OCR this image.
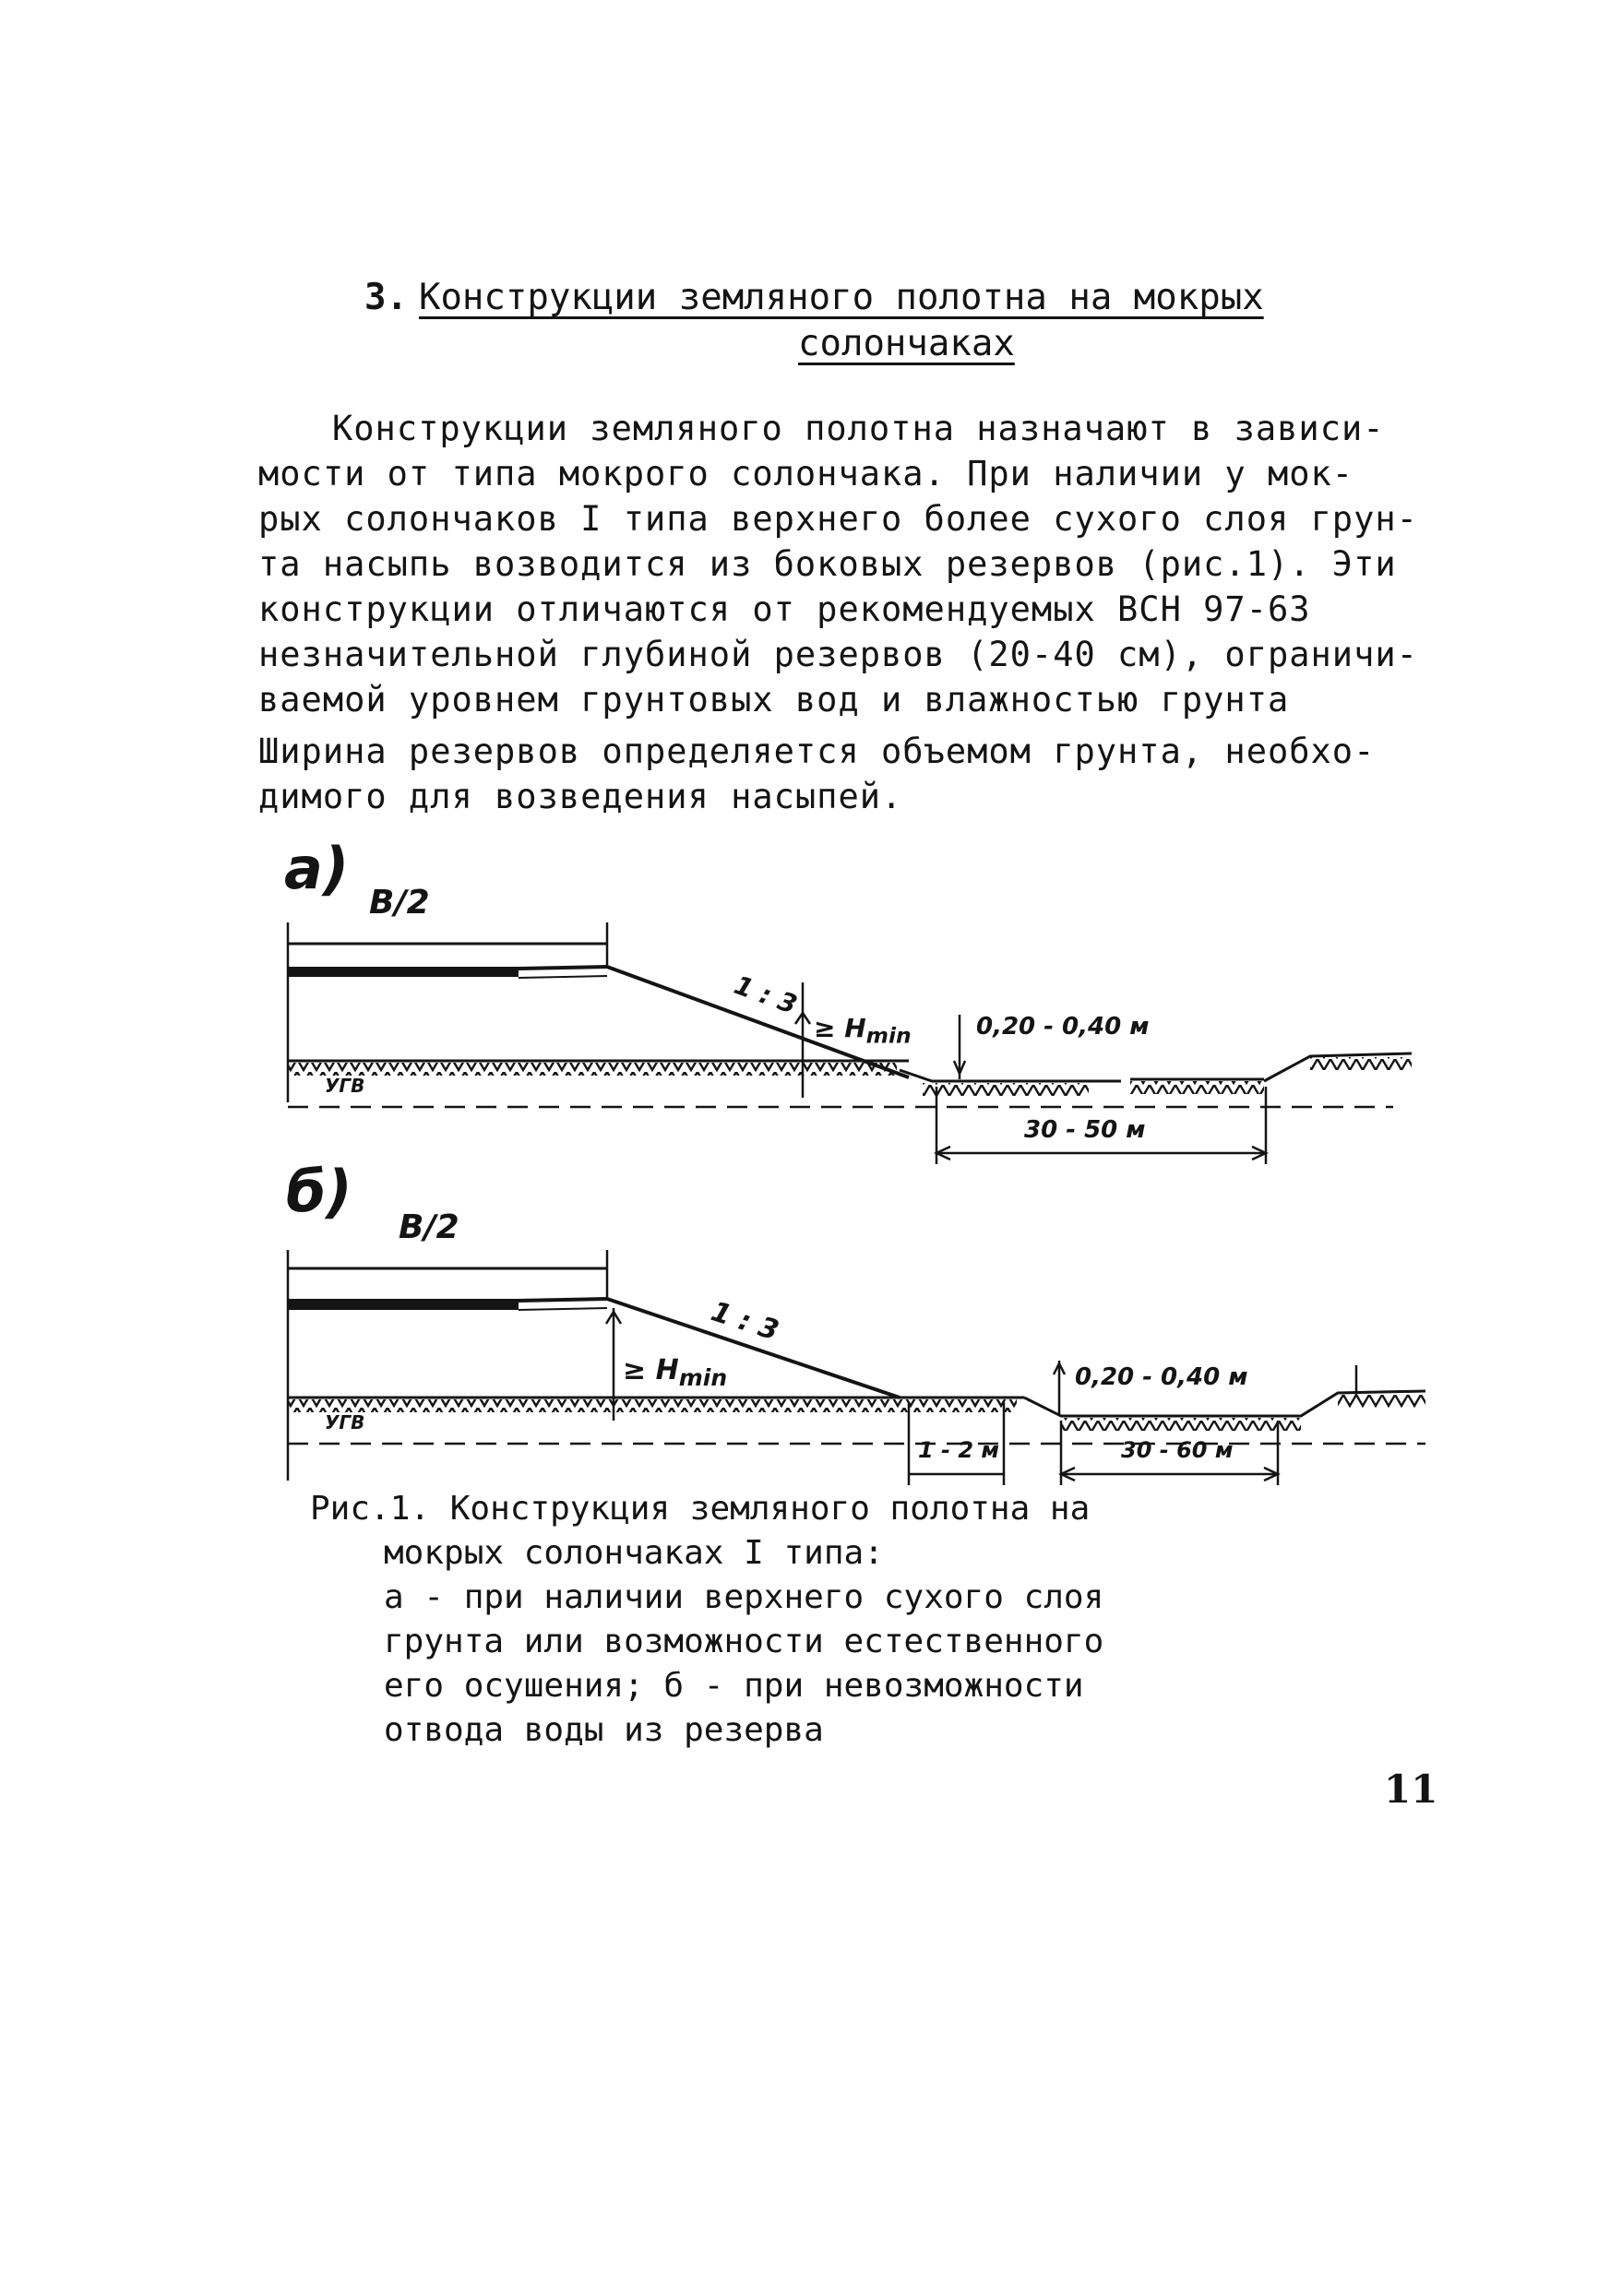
3. Конструкции земляного полотна на мокрых
солончаках
Конструкции земляного полотна назначают в зависи-
мости от типа мокрого солончака. При наличии у мок-
рых солончаков I типа верхнего более сухого слоя грун-
та насыпь возводится из боковых резервов (рис.1). Эти
конструкции отличаются от рекомендуемых ВСН 97-63
незначительной глубиной резервов (20-40 см), ограничи-
ваемой уровнем грунтовых вод и влажностью грунта
Ширина резервов определяется объемом грунта, необхо-
димого для возведения насыпей.
а)
В/2
1 : 3
≥ $H_{min}$	0,20 - 0,40 м
УГВ
30 - 50 м
б)
В/2
1 : 3
≥ $H_{min}$	0,20 - 0,40 м
УГВ
1 - 2 м	30 - 60 м
Рис.1. Конструкция земляного полотна на
мокрых солончаках I типа:
а - при наличии верхнего сухого слоя
грунта или возможности естественного
его осушения; б - при невозможности
отвода воды из резерва
11
